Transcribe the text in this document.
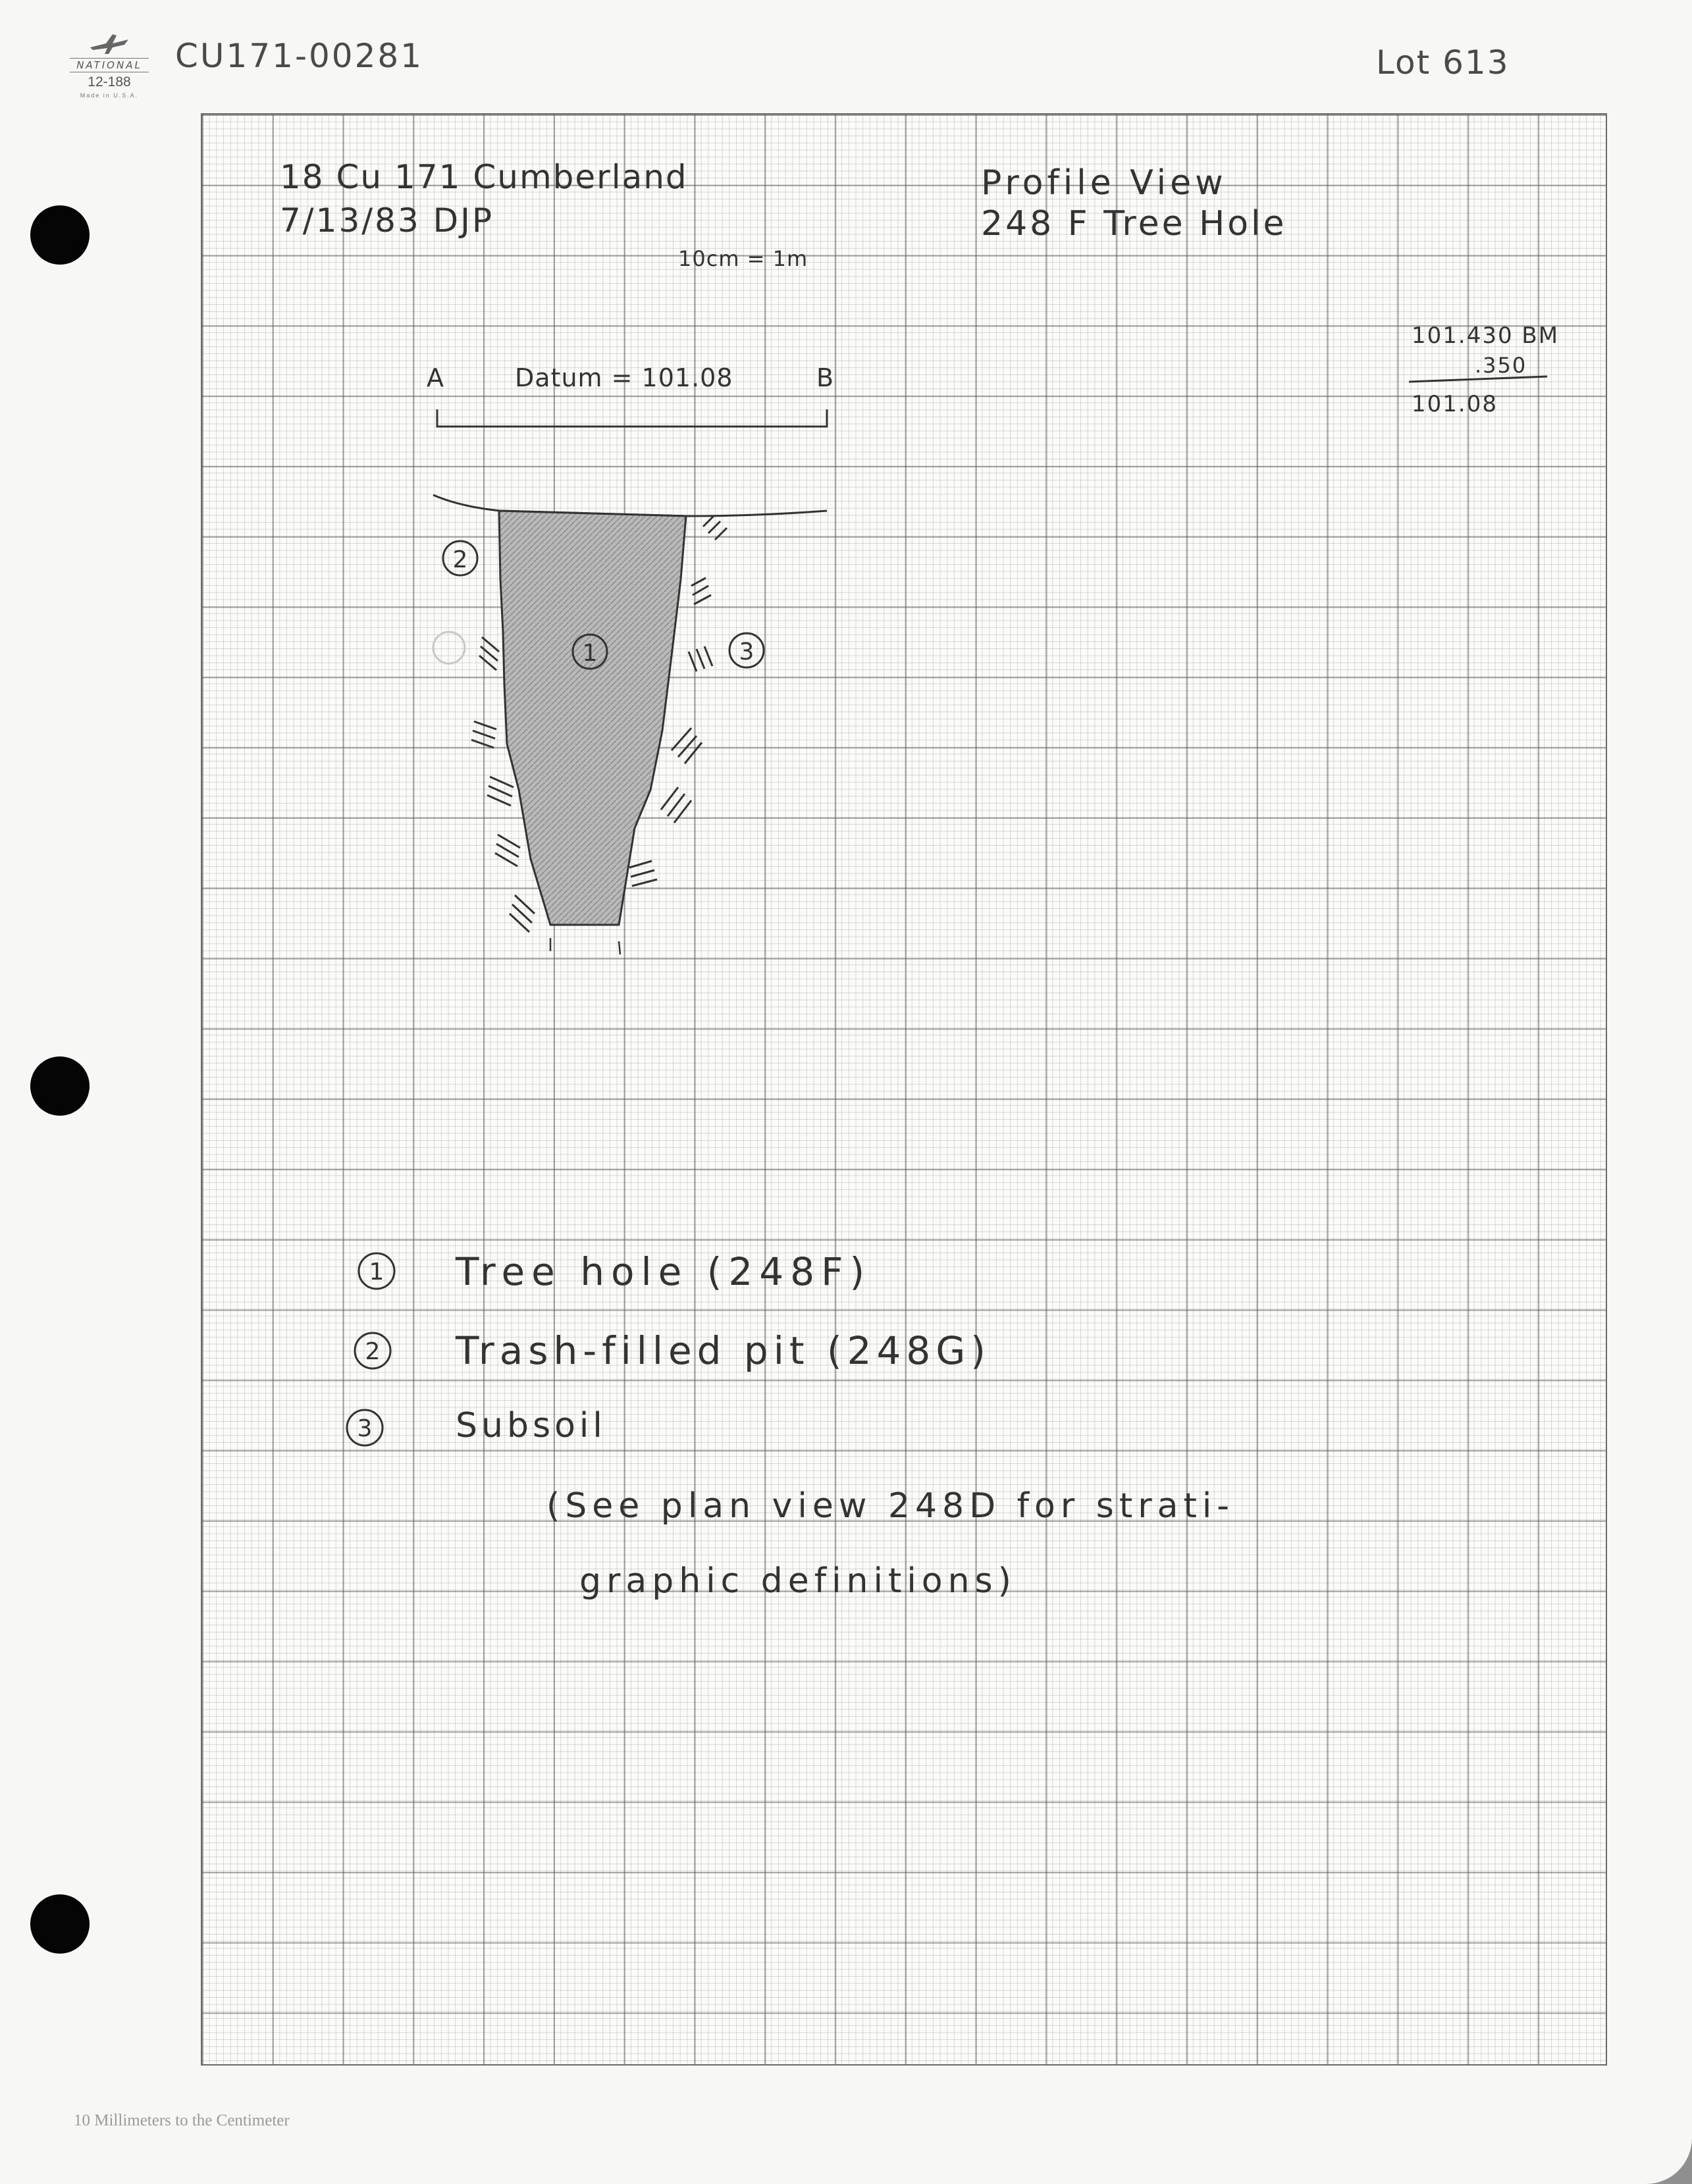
NATIONAL
12-188
Made in U.S.A.
CU171-00281	Lot 613
18 Cu 171 Cumberland
7/13/83 DJP
10cm = 1m
Profile View
248 F Tree Hole
101.430 BM
.350
101.08
A	Datum = 101.08	B
2
1	3
1
2
3
Tree hole (248F)
Trash-filled pit (248G)
Subsoil
(See plan view 248D for strati-
graphic definitions)
10 Millimeters to the Centimeter
